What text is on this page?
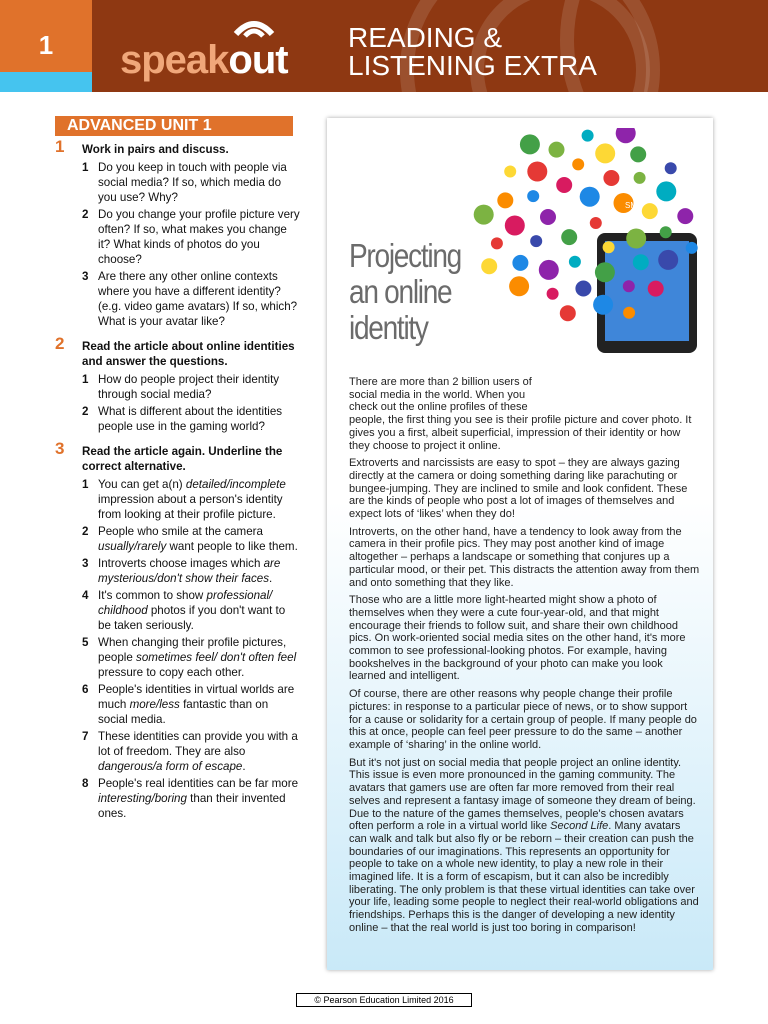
1	speakout
READING &
LISTENING EXTRA
ADVANCED UNIT 1
1 Work in pairs and discuss.
1 Do you keep in touch with people via social media? If so, which media do you use? Why?
2 Do you change your profile picture very often? If so, what makes you change it? What kinds of photos do you choose?
3 Are there any other online contexts where you have a different identity? (e.g. video game avatars) If so, which? What is your avatar like?
2 Read the article about online identities and answer the questions.
1 How do people project their identity through social media?
2 What is different about the identities people use in the gaming world?
3 Read the article again. Underline the correct alternative.
1 You can get a(n) detailed/incomplete impression about a person's identity from looking at their profile picture.
2 People who smile at the camera usually/rarely want people to like them.
3 Introverts choose images which are mysterious/don't show their faces.
4 It's common to show professional/ childhood photos if you don't want to be taken seriously.
5 When changing their profile pictures, people sometimes feel/ don't often feel pressure to copy each other.
6 People's identities in virtual worlds are much more/less fantastic than on social media.
7 These identities can provide you with a lot of freedom. They are also dangerous/a form of escape.
8 People's real identities can be far more interesting/boring than their invented ones.
SMS
Projecting
an online
identity

There are more than 2 billion users of social media in the world. When you check out the online profiles of these people, the first thing you see is their profile picture and cover photo. It gives you a first, albeit superficial, impression of their identity or how they choose to project it online.

Extroverts and narcissists are easy to spot – they are always gazing directly at the camera or doing something daring like parachuting or bungee-jumping. They are inclined to smile and look confident. These are the kinds of people who post a lot of images of themselves and expect lots of ‘likes’ when they do!

Introverts, on the other hand, have a tendency to look away from the camera in their profile pics. They may post another kind of image altogether – perhaps a landscape or something that conjures up a particular mood, or their pet. This distracts the attention away from them and onto something that they like.

Those who are a little more light-hearted might show a photo of themselves when they were a cute four-year-old, and that might encourage their friends to follow suit, and share their own childhood pics. On work-oriented social media sites on the other hand, it's more common to see professional-looking photos. For example, having bookshelves in the background of your photo can make you look learned and intelligent.

Of course, there are other reasons why people change their profile pictures: in response to a particular piece of news, or to show support for a cause or solidarity for a certain group of people. If many people do this at once, people can feel peer pressure to do the same – another example of ‘sharing’ in the online world.

But it's not just on social media that people project an online identity. This issue is even more pronounced in the gaming community. The avatars that gamers use are often far more removed from their real selves and represent a fantasy image of someone they dream of being. Due to the nature of the games themselves, people's chosen avatars often perform a role in a virtual world like Second Life. Many avatars can walk and talk but also fly or be reborn – their creation can push the boundaries of our imaginations. This represents an opportunity for people to take on a whole new identity, to play a new role in their imagined life. It is a form of escapism, but it can also be incredibly liberating. The only problem is that these virtual identities can take over your life, leading some people to neglect their real-world obligations and friendships. Perhaps this is the danger of developing a new identity online – that the real world is just too boring in comparison!

© Pearson Education Limited 2016
